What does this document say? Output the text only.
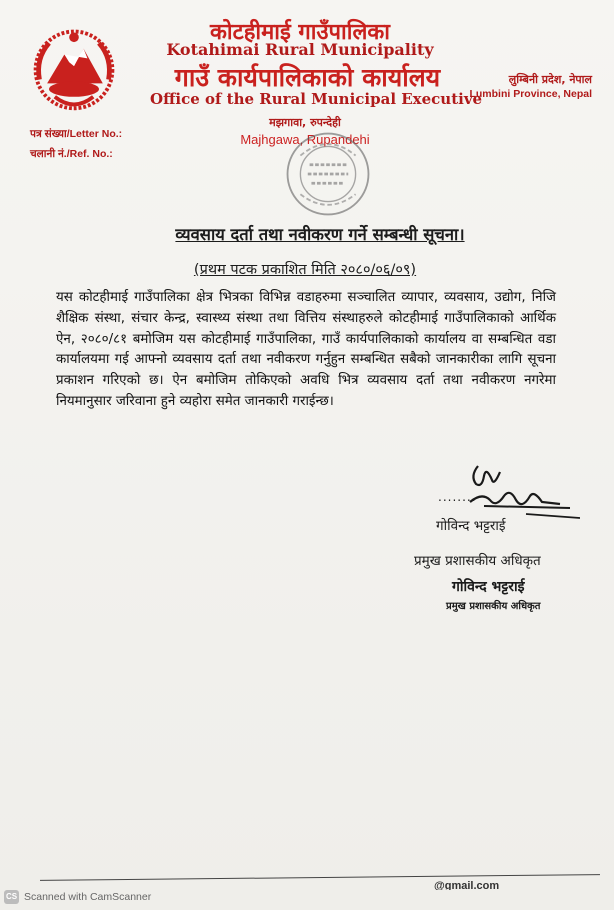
कोटहीमाई गाउँपालिका
Kotahimai Rural Municipality
गाउँ कार्यपालिकाको कार्यालय
Office of the Rural Municipal Executive
लुम्बिनी प्रदेश, नेपाल
Lumbini Province, Nepal
पत्र संख्या/Letter No.:
चलानी नं./Ref. No.:
मझगावा, रुपन्देही
Majhgawa, Rupandehi
व्यवसाय दर्ता तथा नवीकरण गर्ने सम्बन्धी सूचना।
(प्रथम पटक प्रकाशित मिति २०८०/०६/०९)
यस कोटहीमाई गाउँपालिका क्षेत्र भित्रका विभिन्न वडाहरुमा सञ्चालित व्यापार, व्यवसाय, उद्योग, निजि शैक्षिक संस्था, संचार केन्द्र, स्वास्थ्य संस्था तथा वित्तिय संस्थाहरुले कोटहीमाई गाउँपालिकाको आर्थिक ऐन, २०८०/८१ बमोजिम यस कोटहीमाई गाउँपालिका, गाउँ कार्यपालिकाको कार्यालय वा सम्बन्धित वडा कार्यालयमा गई आफ्नो व्यवसाय दर्ता तथा नवीकरण गर्नुहुन सम्बन्धित सबैको जानकारीका लागि सूचना प्रकाशन गरिएको छ। ऐन बमोजिम तोकिएको अवधि भित्र व्यवसाय दर्ता तथा नवीकरण नगरेमा नियमानुसार जरिवाना हुने व्यहोरा समेत जानकारी गराईन्छ।
........
गोविन्द भट्टराई
प्रमुख प्रशासकीय अधिकृत
गोविन्द भट्टराई
प्रमुख प्रशासकीय अधिकृत
@gmail.com
CS Scanned with CamScanner
